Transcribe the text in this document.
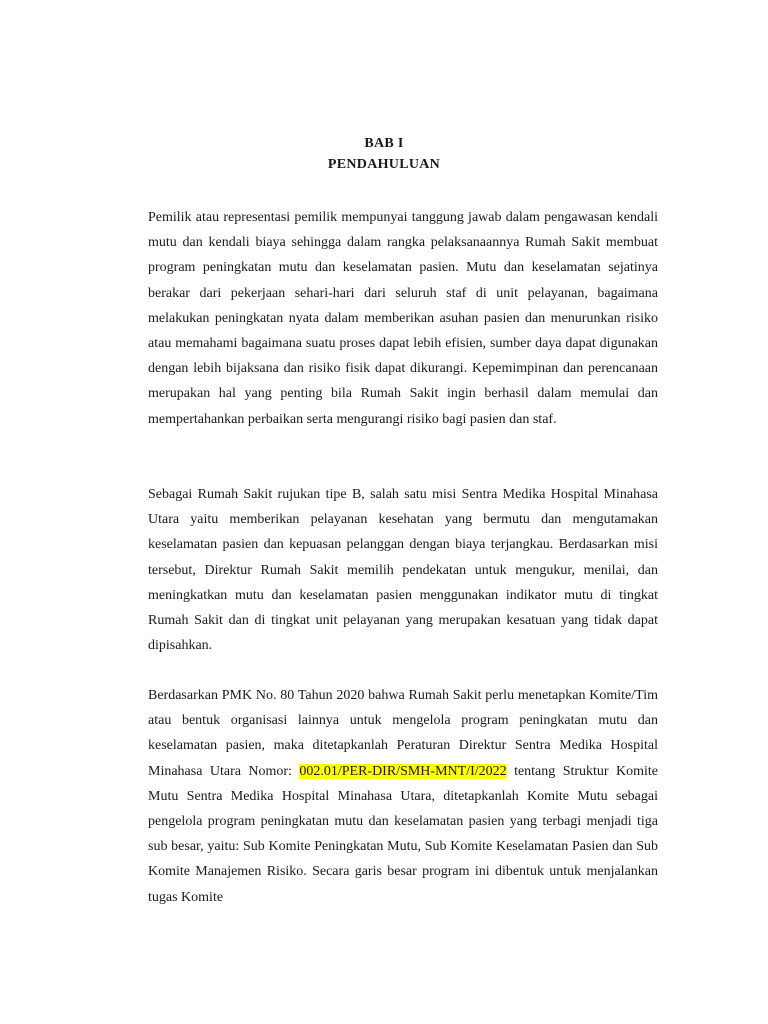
BAB I
PENDAHULUAN

Pemilik atau representasi pemilik mempunyai tanggung jawab dalam pengawasan kendali mutu dan kendali biaya sehingga dalam rangka pelaksanaannya Rumah Sakit membuat program peningkatan mutu dan keselamatan pasien. Mutu dan keselamatan sejatinya berakar dari pekerjaan sehari-hari dari seluruh staf di unit pelayanan, bagaimana melakukan peningkatan nyata dalam memberikan asuhan pasien dan menurunkan risiko atau memahami bagaimana suatu proses dapat lebih efisien, sumber daya dapat digunakan dengan lebih bijaksana dan risiko fisik dapat dikurangi. Kepemimpinan dan perencanaan merupakan hal yang penting bila Rumah Sakit ingin berhasil dalam memulai dan mempertahankan perbaikan serta mengurangi risiko bagi pasien dan staf.

Sebagai Rumah Sakit rujukan tipe B, salah satu misi Sentra Medika Hospital Minahasa Utara yaitu memberikan pelayanan kesehatan yang bermutu dan mengutamakan keselamatan pasien dan kepuasan pelanggan dengan biaya terjangkau. Berdasarkan misi tersebut, Direktur Rumah Sakit memilih pendekatan untuk mengukur, menilai, dan meningkatkan mutu dan keselamatan pasien menggunakan indikator mutu di tingkat Rumah Sakit dan di tingkat unit pelayanan yang merupakan kesatuan yang tidak dapat dipisahkan.

Berdasarkan PMK No. 80 Tahun 2020 bahwa Rumah Sakit perlu menetapkan Komite/Tim atau bentuk organisasi lainnya untuk mengelola program peningkatan mutu dan keselamatan pasien, maka ditetapkanlah Peraturan Direktur Sentra Medika Hospital Minahasa Utara Nomor: 002.01/PER-DIR/SMH-MNT/I/2022 tentang Struktur Komite Mutu Sentra Medika Hospital Minahasa Utara, ditetapkanlah Komite Mutu sebagai pengelola program peningkatan mutu dan keselamatan pasien yang terbagi menjadi tiga sub besar, yaitu: Sub Komite Peningkatan Mutu, Sub Komite Keselamatan Pasien dan Sub Komite Manajemen Risiko. Secara garis besar program ini dibentuk untuk menjalankan tugas Komite
